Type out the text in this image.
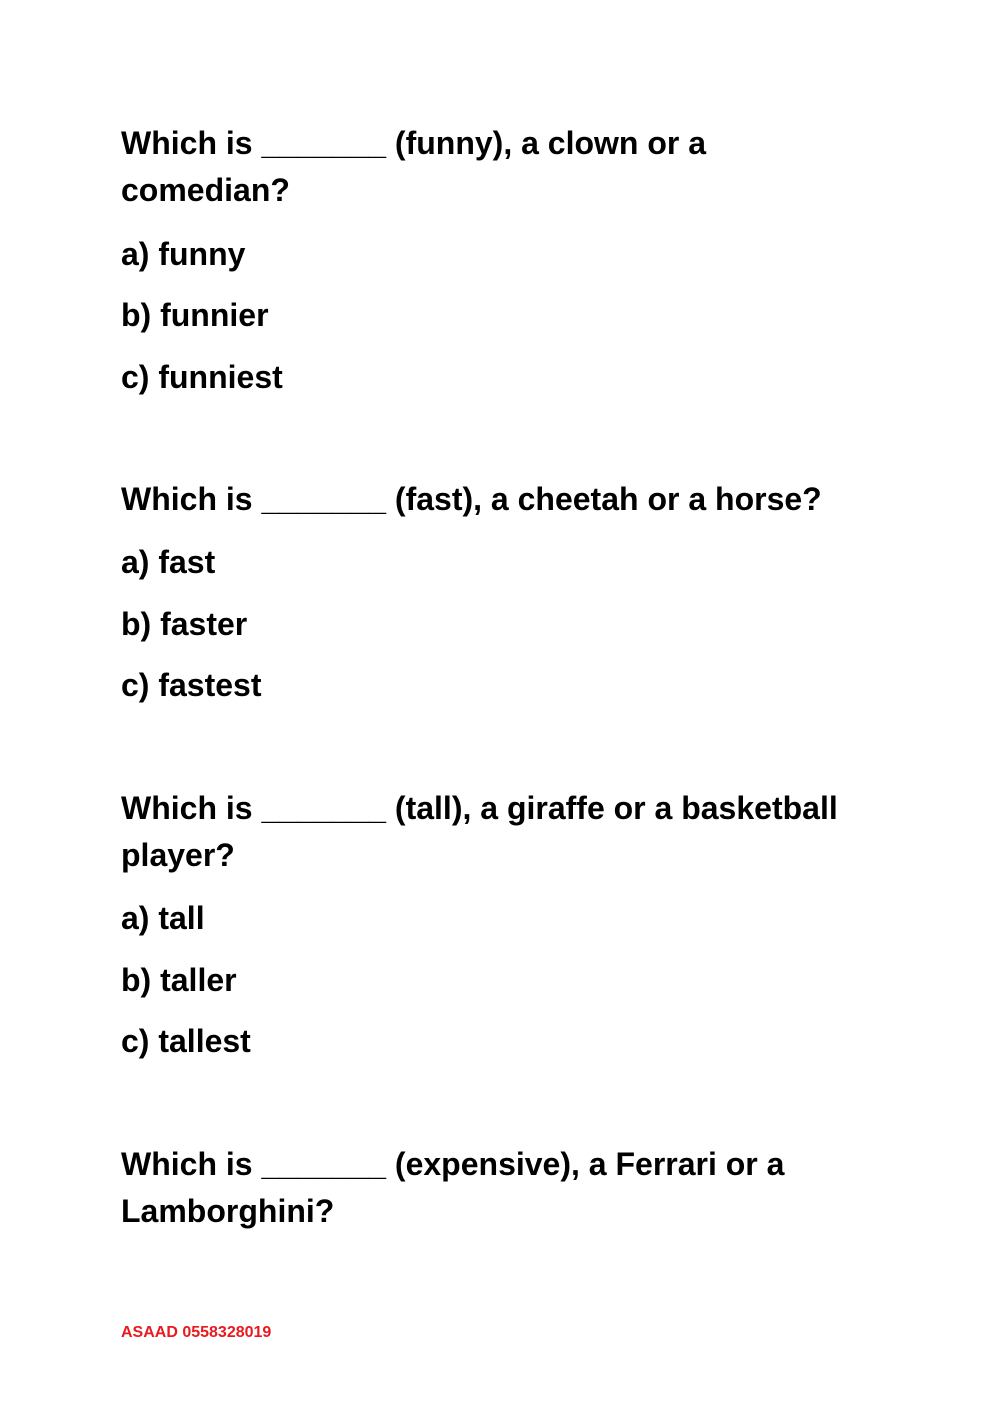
Which is _______ (funny), a clown or a comedian?

a) funny

b) funnier

c) funniest

Which is _______ (fast), a cheetah or a horse?

a) fast

b) faster

c) fastest

Which is _______ (tall), a giraffe or a basketball player?

a) tall

b) taller

c) tallest

Which is _______ (expensive), a Ferrari or a Lamborghini?

ASAAD 0558328019
